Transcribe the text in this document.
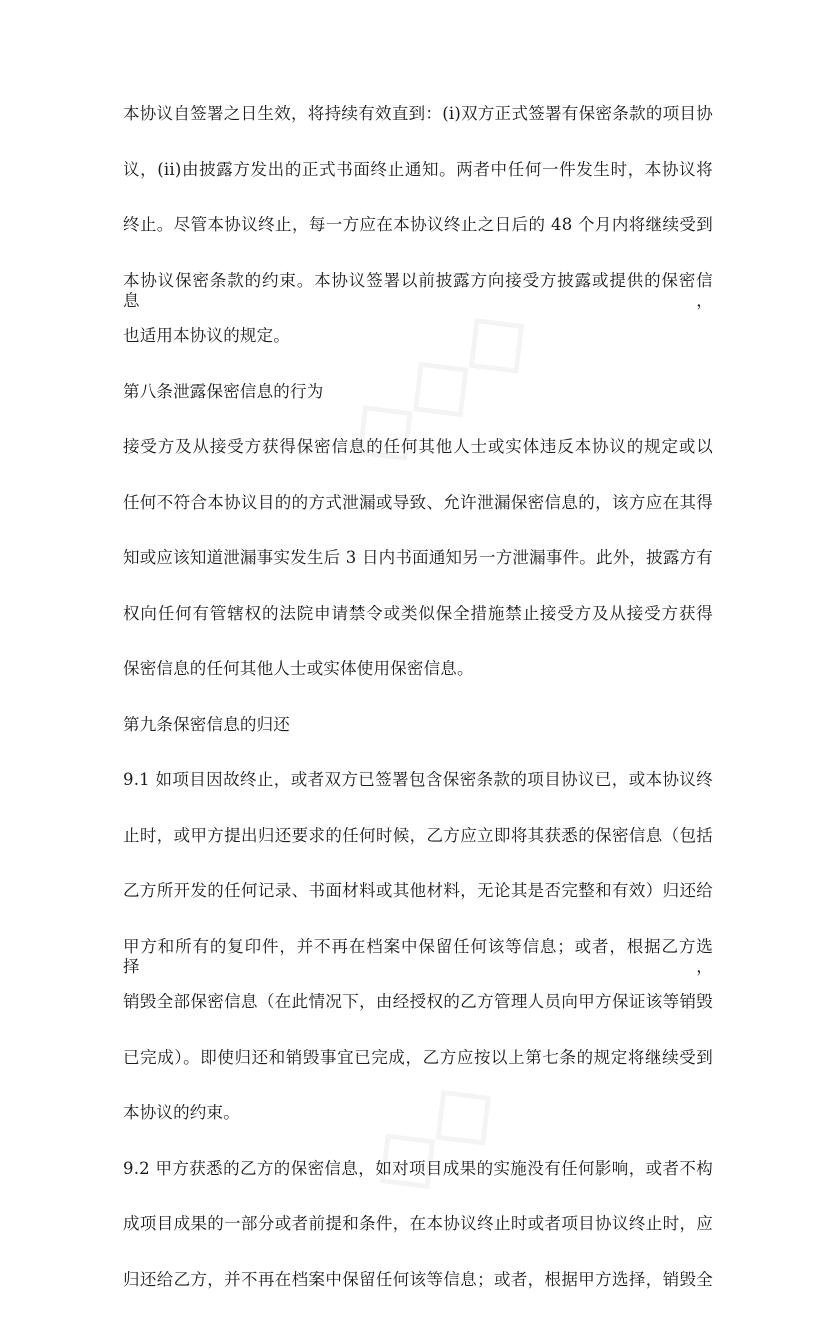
本协议自签署之日生效，将持续有效直到：(i)双方正式签署有保密条款的项目协
议，(ii)由披露方发出的正式书面终止通知。两者中任何一件发生时，本协议将
终止。尽管本协议终止，每一方应在本协议终止之日后的 48 个月内将继续受到
本协议保密条款的约束。本协议签署以前披露方向接受方披露或提供的保密信息，
也适用本协议的规定。
第八条泄露保密信息的行为
接受方及从接受方获得保密信息的任何其他人士或实体违反本协议的规定或以
任何不符合本协议目的的方式泄漏或导致、允许泄漏保密信息的，该方应在其得
知或应该知道泄漏事实发生后 3 日内书面通知另一方泄漏事件。此外，披露方有
权向任何有管辖权的法院申请禁令或类似保全措施禁止接受方及从接受方获得
保密信息的任何其他人士或实体使用保密信息。
第九条保密信息的归还
9.1 如项目因故终止，或者双方已签署包含保密条款的项目协议已，或本协议终
止时，或甲方提出归还要求的任何时候，乙方应立即将其获悉的保密信息（包括
乙方所开发的任何记录、书面材料或其他材料，无论其是否完整和有效）归还给
甲方和所有的复印件，并不再在档案中保留任何该等信息；或者，根据乙方选择，
销毁全部保密信息（在此情况下，由经授权的乙方管理人员向甲方保证该等销毁
已完成）。即使归还和销毁事宜已完成，乙方应按以上第七条的规定将继续受到
本协议的约束。
9.2 甲方获悉的乙方的保密信息，如对项目成果的实施没有任何影响，或者不构
成项目成果的一部分或者前提和条件，在本协议终止时或者项目协议终止时，应
归还给乙方，并不再在档案中保留任何该等信息；或者，根据甲方选择，销毁全
